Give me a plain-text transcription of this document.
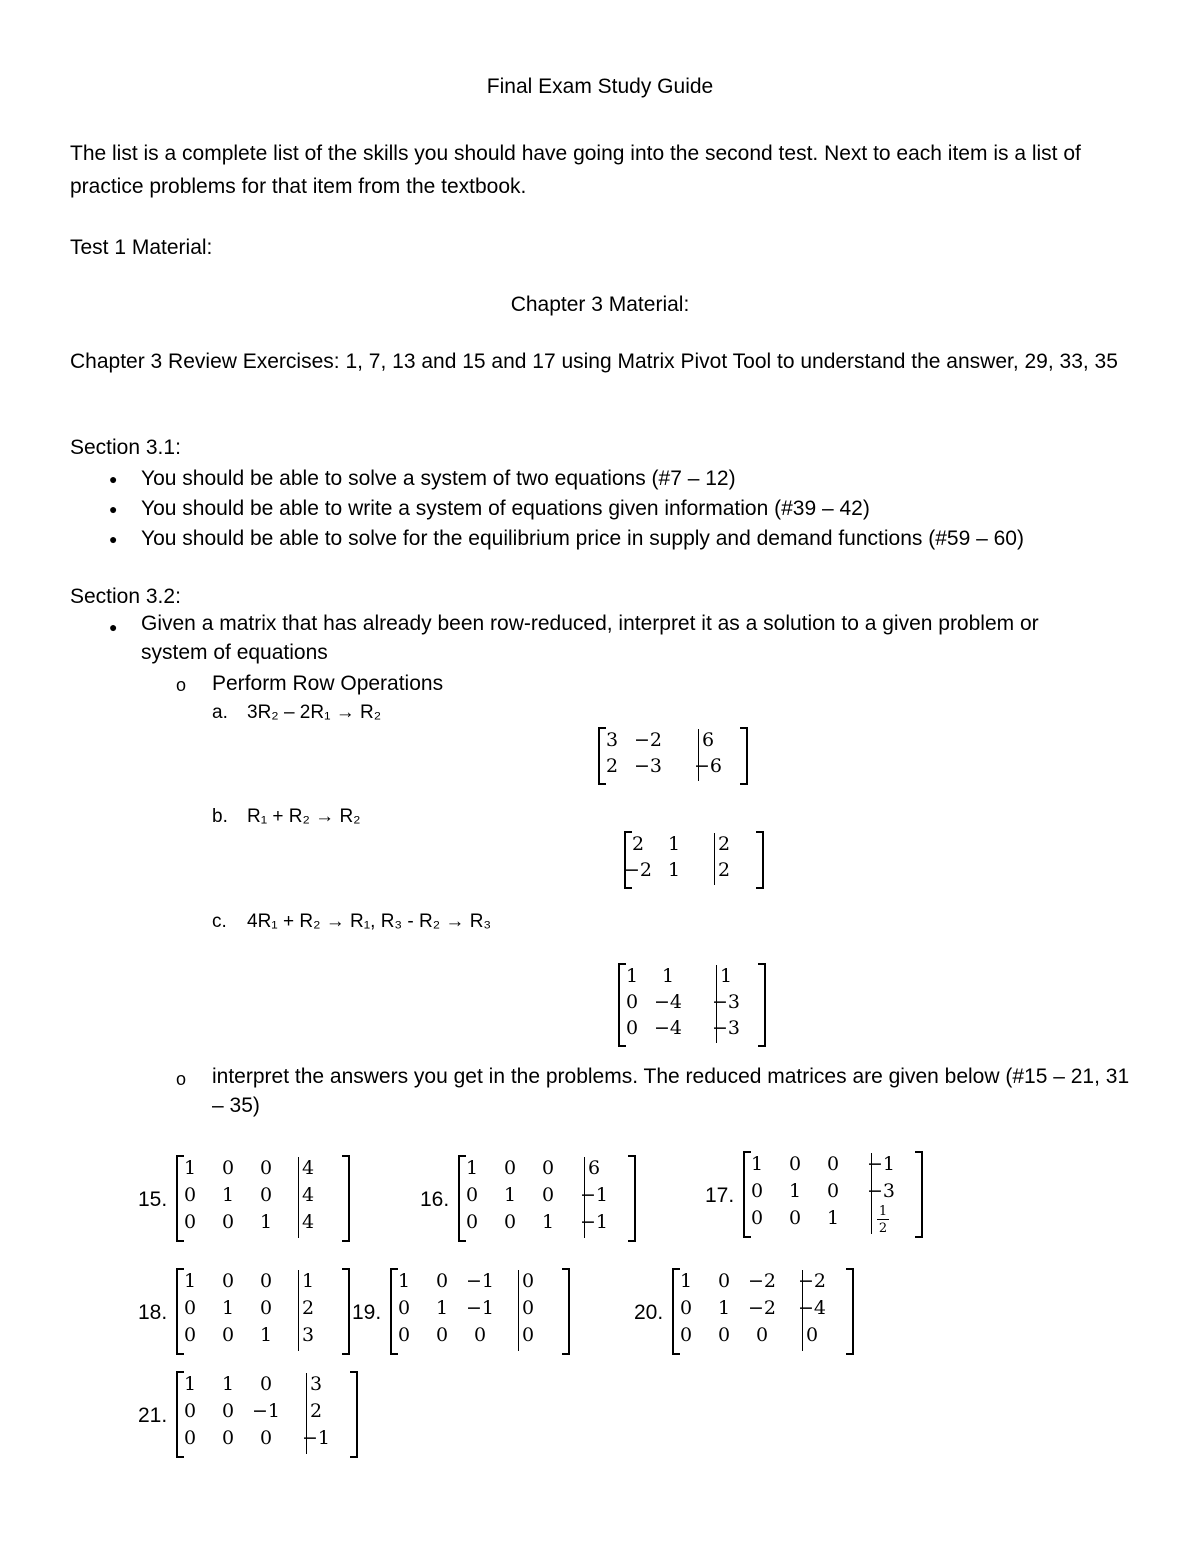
Final Exam Study Guide
The list is a complete list of the skills you should have going into the second test. Next to each item is a list of practice problems for that item from the textbook.
Test 1 Material:
Chapter 3 Material:
Chapter 3 Review Exercises: 1, 7, 13 and 15 and 17 using Matrix Pivot Tool to understand the answer, 29, 33, 35
Section 3.1:
● You should be able to solve a system of two equations (#7 – 12)
● You should be able to write a system of equations given information (#39 – 42)
● You should be able to solve for the equilibrium price in supply and demand functions (#59 – 60)
Section 3.2:
● Given a matrix that has already been row-reduced, interpret it as a solution to a given problem or system of equations
o Perform Row Operations
a. 3R₂ – 2R₁ → R₂
b. R₁ + R₂ → R₂
c. 4R₁ + R₂ → R₁, R₃ - R₂ → R₃
o interpret the answers you get in the problems. The reduced matrices are given below (#15 – 21, 31 – 35)
3 −2	6
2 −3	−6
2	1	2
−2 1	2
1	1	1
0 −4	−3
0 −4	−3
1	0	0	4
0	1	0	4
0	0	1	4
15.
1	0	0	6
0	1	0	−1
0	0	1	−1
16.
1	0	0	−1
0	1	0	−3
0	0	1	$\frac{1}{2}$
17.
1	0	0	1
0	1	0	2
0	0	1	3
18.
1	0 −1	0
0	1 −1	0
0	0	0	0
19.
1	0 −2	−2
0	1 −2	−4
0	0	0	0
20.
1	1	0	3
0	0 −1	2
0	0	0	−1
21.
